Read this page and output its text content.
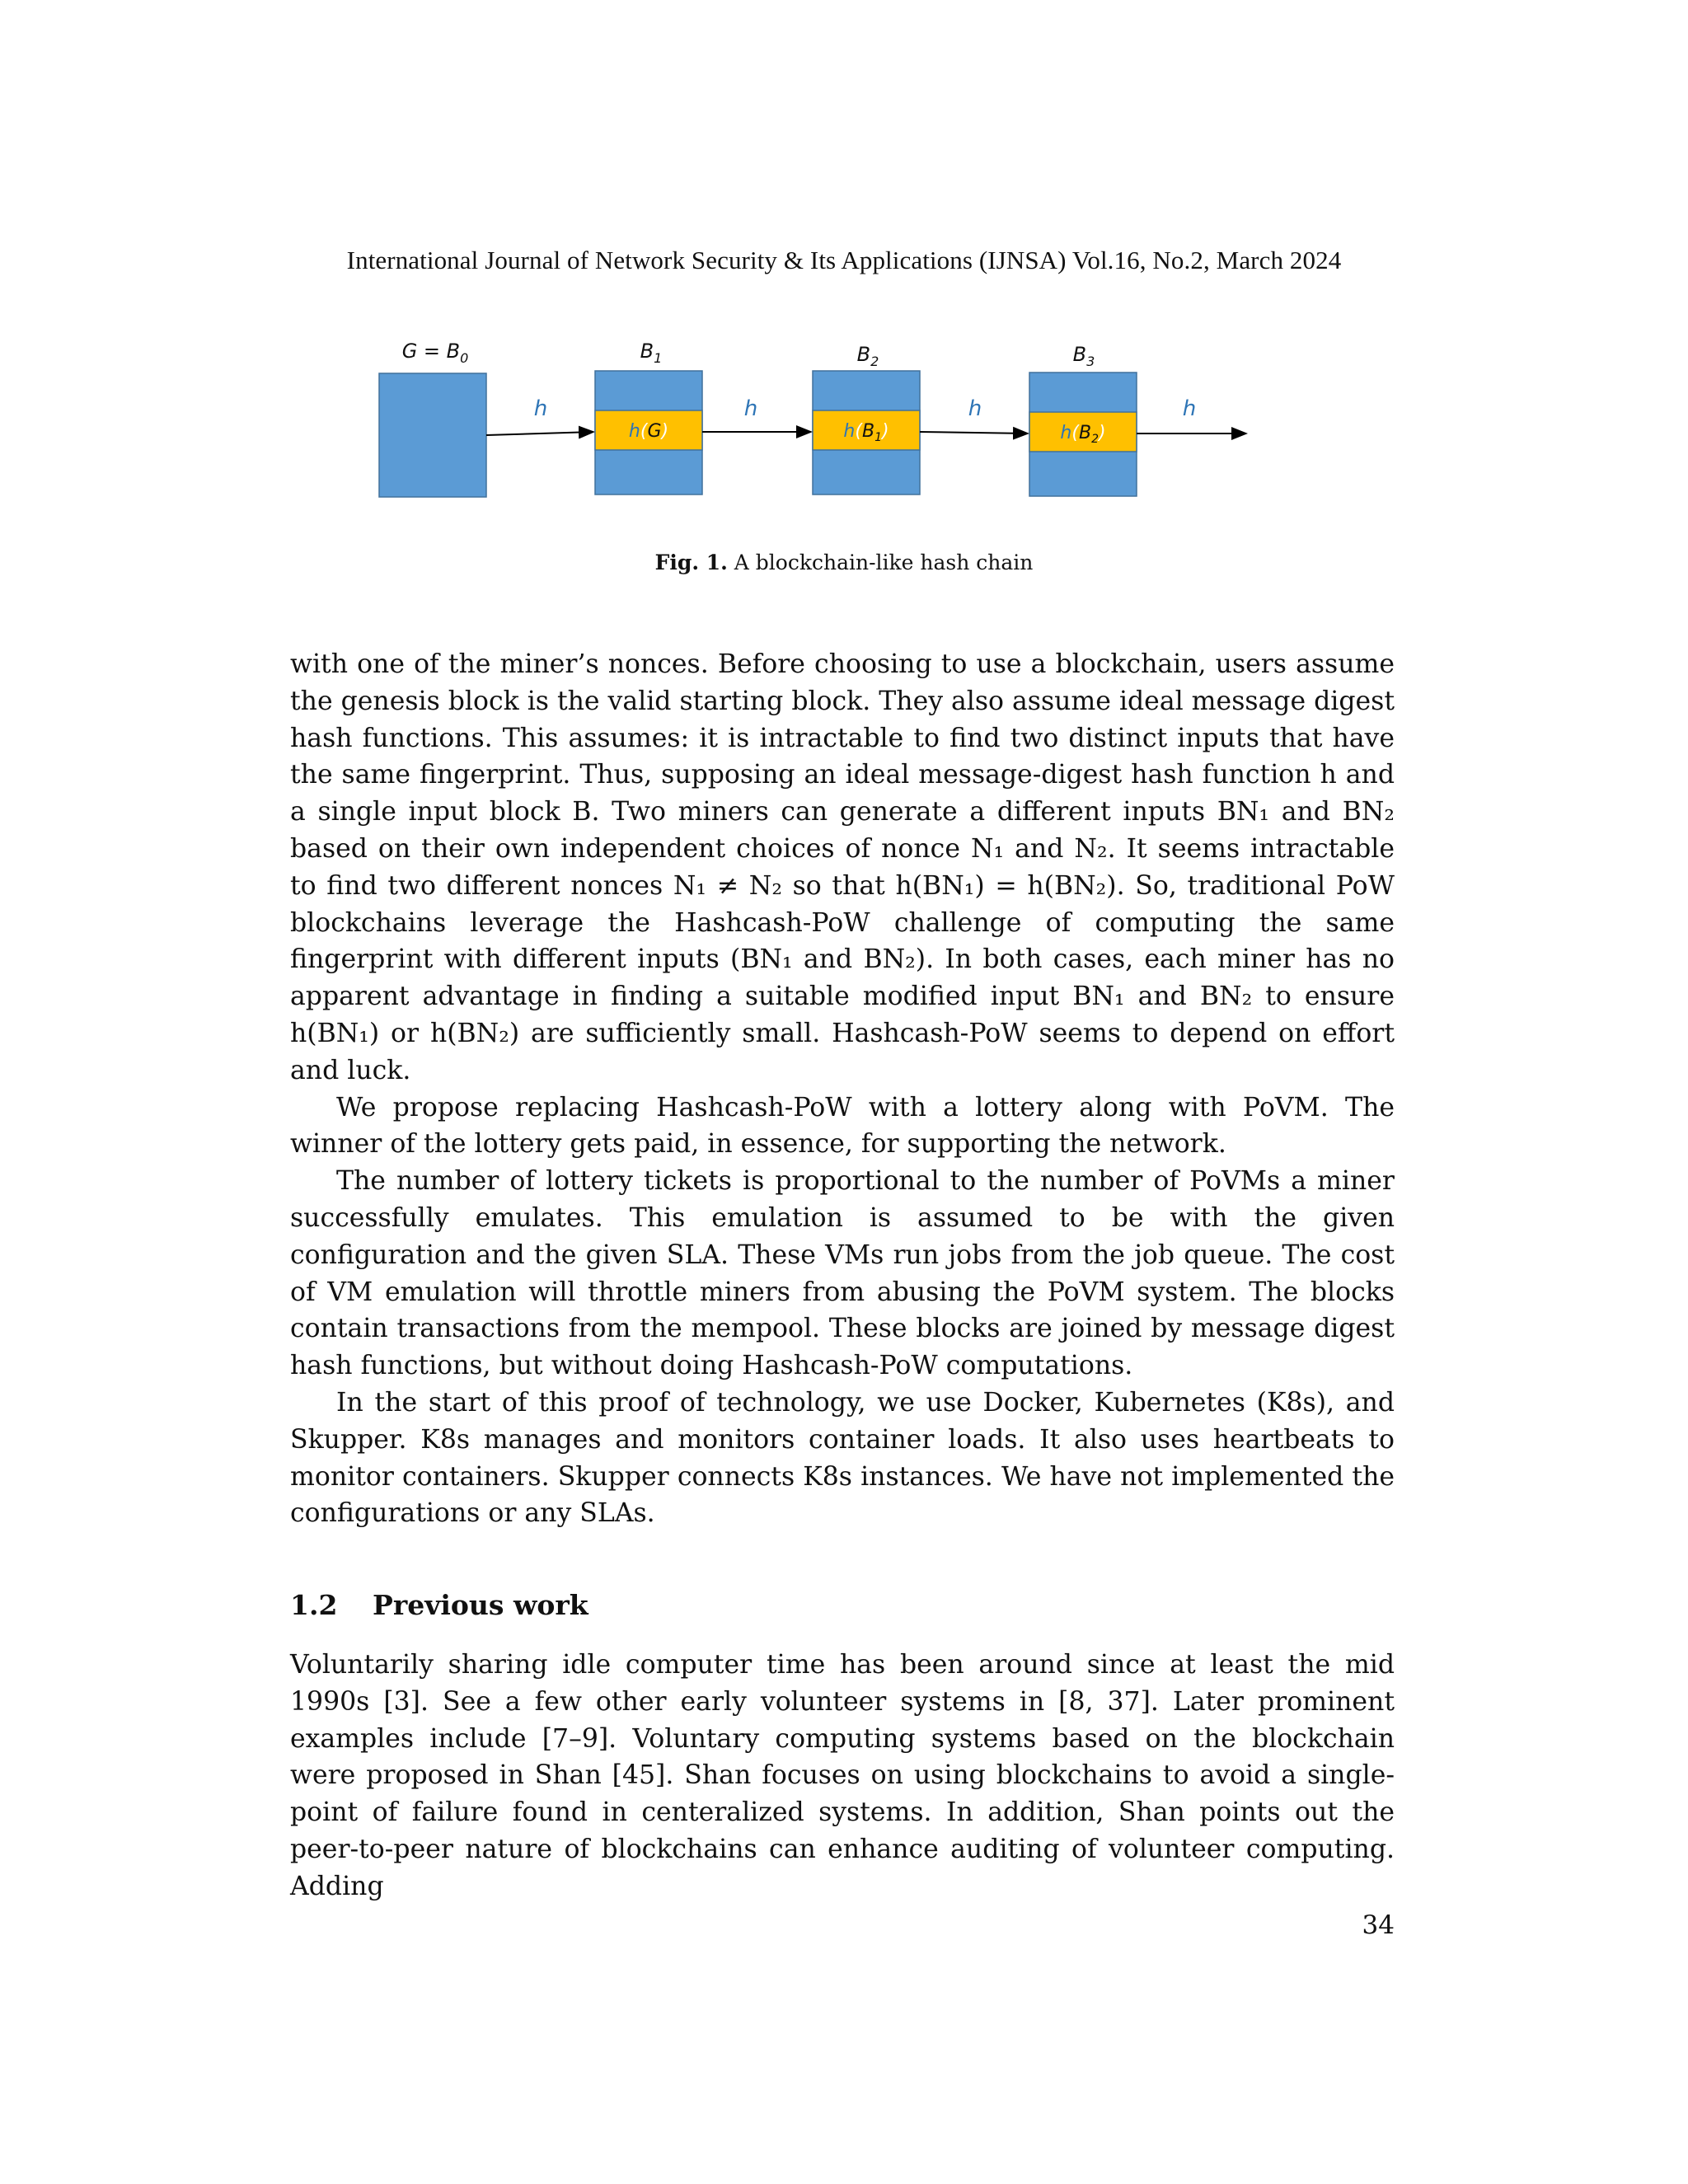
International Journal of Network Security & Its Applications (IJNSA) Vol.16, No.2, March 2024
$G = B_0$	$B_1$	$B_2$	$B_3$
h(G)	$h(B_1)$	$h(B_2)$
h	h	h	h
Fig. 1. A blockchain-like hash chain

with one of the miner’s nonces. Before choosing to use a blockchain, users assume the genesis block is the valid starting block. They also assume ideal message digest hash functions. This assumes: it is intractable to find two distinct inputs that have the same fingerprint. Thus, supposing an ideal message-digest hash function h and a single input block B. Two miners can generate a different inputs BN₁ and BN₂ based on their own independent choices of nonce N₁ and N₂. It seems intractable to find two different nonces N₁ ≠ N₂ so that h(BN₁) = h(BN₂). So, traditional PoW blockchains leverage the Hashcash-PoW challenge of computing the same fingerprint with different inputs (BN₁ and BN₂). In both cases, each miner has no apparent advantage in finding a suitable modified input BN₁ and BN₂ to ensure h(BN₁) or h(BN₂) are sufficiently small. Hashcash-PoW seems to depend on effort and luck.

We propose replacing Hashcash-PoW with a lottery along with PoVM. The winner of the lottery gets paid, in essence, for supporting the network.

The number of lottery tickets is proportional to the number of PoVMs a miner successfully emulates. This emulation is assumed to be with the given configuration and the given SLA. These VMs run jobs from the job queue. The cost of VM emulation will throttle miners from abusing the PoVM system. The blocks contain transactions from the mempool. These blocks are joined by message digest hash functions, but without doing Hashcash-PoW computations.

In the start of this proof of technology, we use Docker, Kubernetes (K8s), and Skupper. K8s manages and monitors container loads. It also uses heartbeats to monitor containers. Skupper connects K8s instances. We have not implemented the configurations or any SLAs.

1.2 Previous work
Voluntarily sharing idle computer time has been around since at least the mid 1990s [3]. See a few other early volunteer systems in [8, 37]. Later prominent examples include [7–9]. Voluntary computing systems based on the blockchain were proposed in Shan [45]. Shan focuses on using blockchains to avoid a single-point of failure found in centeralized systems. In addition, Shan points out the peer-to-peer nature of blockchains can enhance auditing of volunteer computing. Adding
34
